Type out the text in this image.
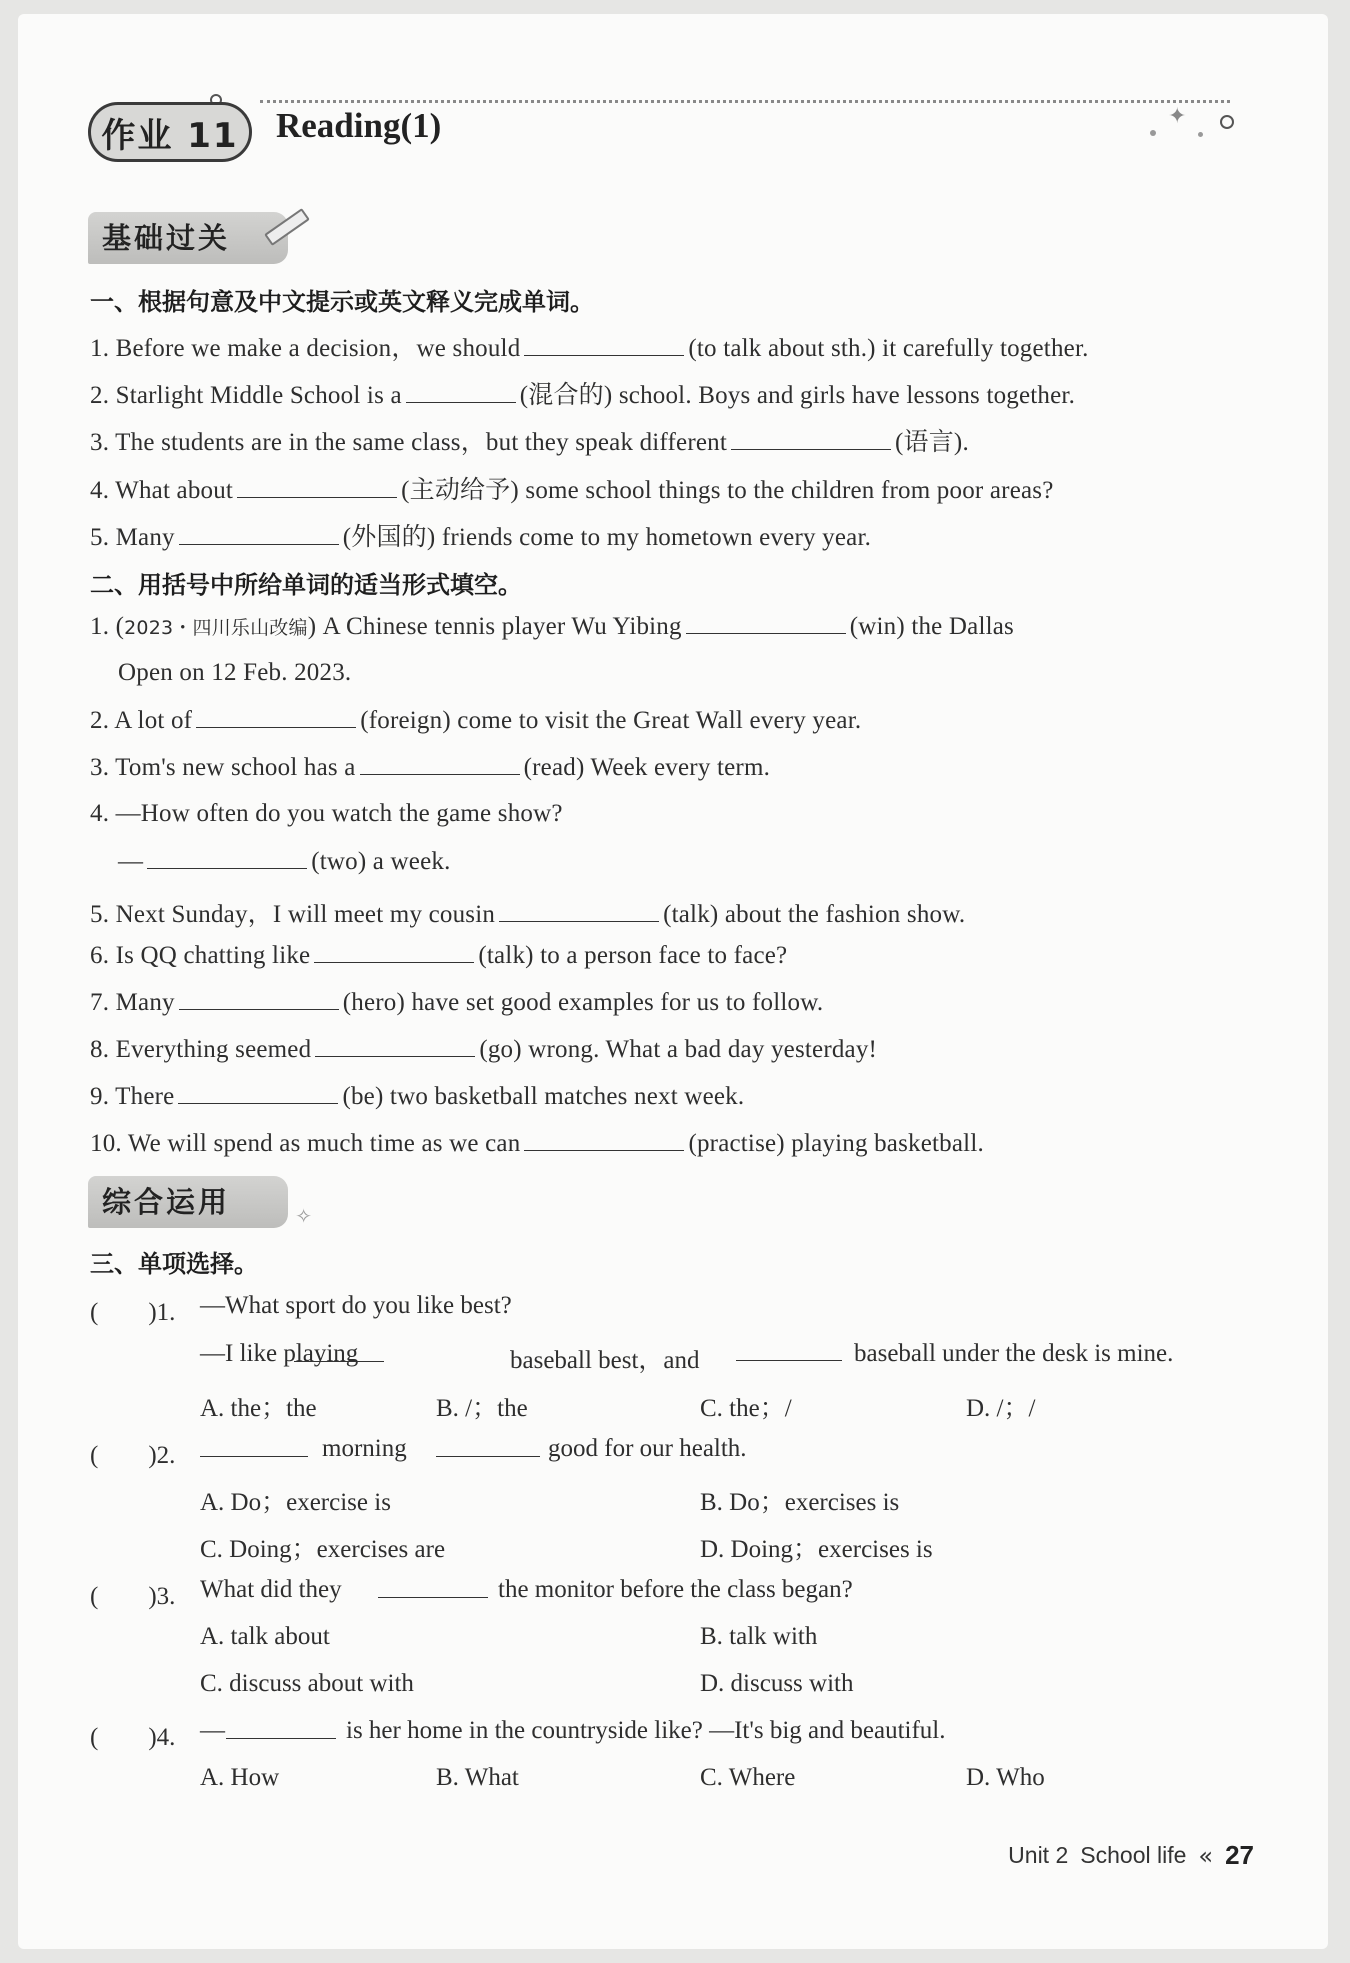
作业 11	Reading(1)	✦
基础过关
一、根据句意及中文提示或英文释义完成单词。
1. Before we make a decision，we should	(to talk about sth.) it carefully together.
2. Starlight Middle School is a	(混合的) school. Boys and girls have lessons together.
3. The students are in the same class，but they speak different	(语言).
4. What about	(主动给予) some school things to the children from poor areas?
5. Many	(外国的) friends come to my hometown every year.
二、用括号中所给单词的适当形式填空。
1. (2023・四川乐山改编) A Chinese tennis player Wu Yibing	(win) the Dallas
Open on 12 Feb. 2023.
2. A lot of	(foreign) come to visit the Great Wall every year.
3. Tom's new school has a	(read) Week every term.
4. —How often do you watch the game show?
—	(two) a week.
5. Next Sunday，I will meet my cousin	(talk) about the fashion show.
6. Is QQ chatting like	(talk) to a person face to face?
7. Many	(hero) have set good examples for us to follow.
8. Everything seemed	(go) wrong. What a bad day yesterday!
9. There	(be) two basketball matches next week.
10. We will spend as much time as we can	(practise) playing basketball.
综合运用	✧
三、单项选择。
(　　)1. —What sport do you like best?
—I like playing	baseball best，and	baseball under the desk is mine.
A. the；the	B. /；the	C. the；/	D. /；/
(　　)2.	morning	good for our health.
A. Do；exercise is	B. Do；exercises is
C. Doing；exercises are	D. Doing；exercises is
(　　)3. What did they	the monitor before the class began?
A. talk about	B. talk with
C. discuss about with	D. discuss with
(　　)4. —	is her home in the countryside like? —It's big and beautiful.
A. How	B. What	C. Where	D. Who
Unit 2 School life « 27
